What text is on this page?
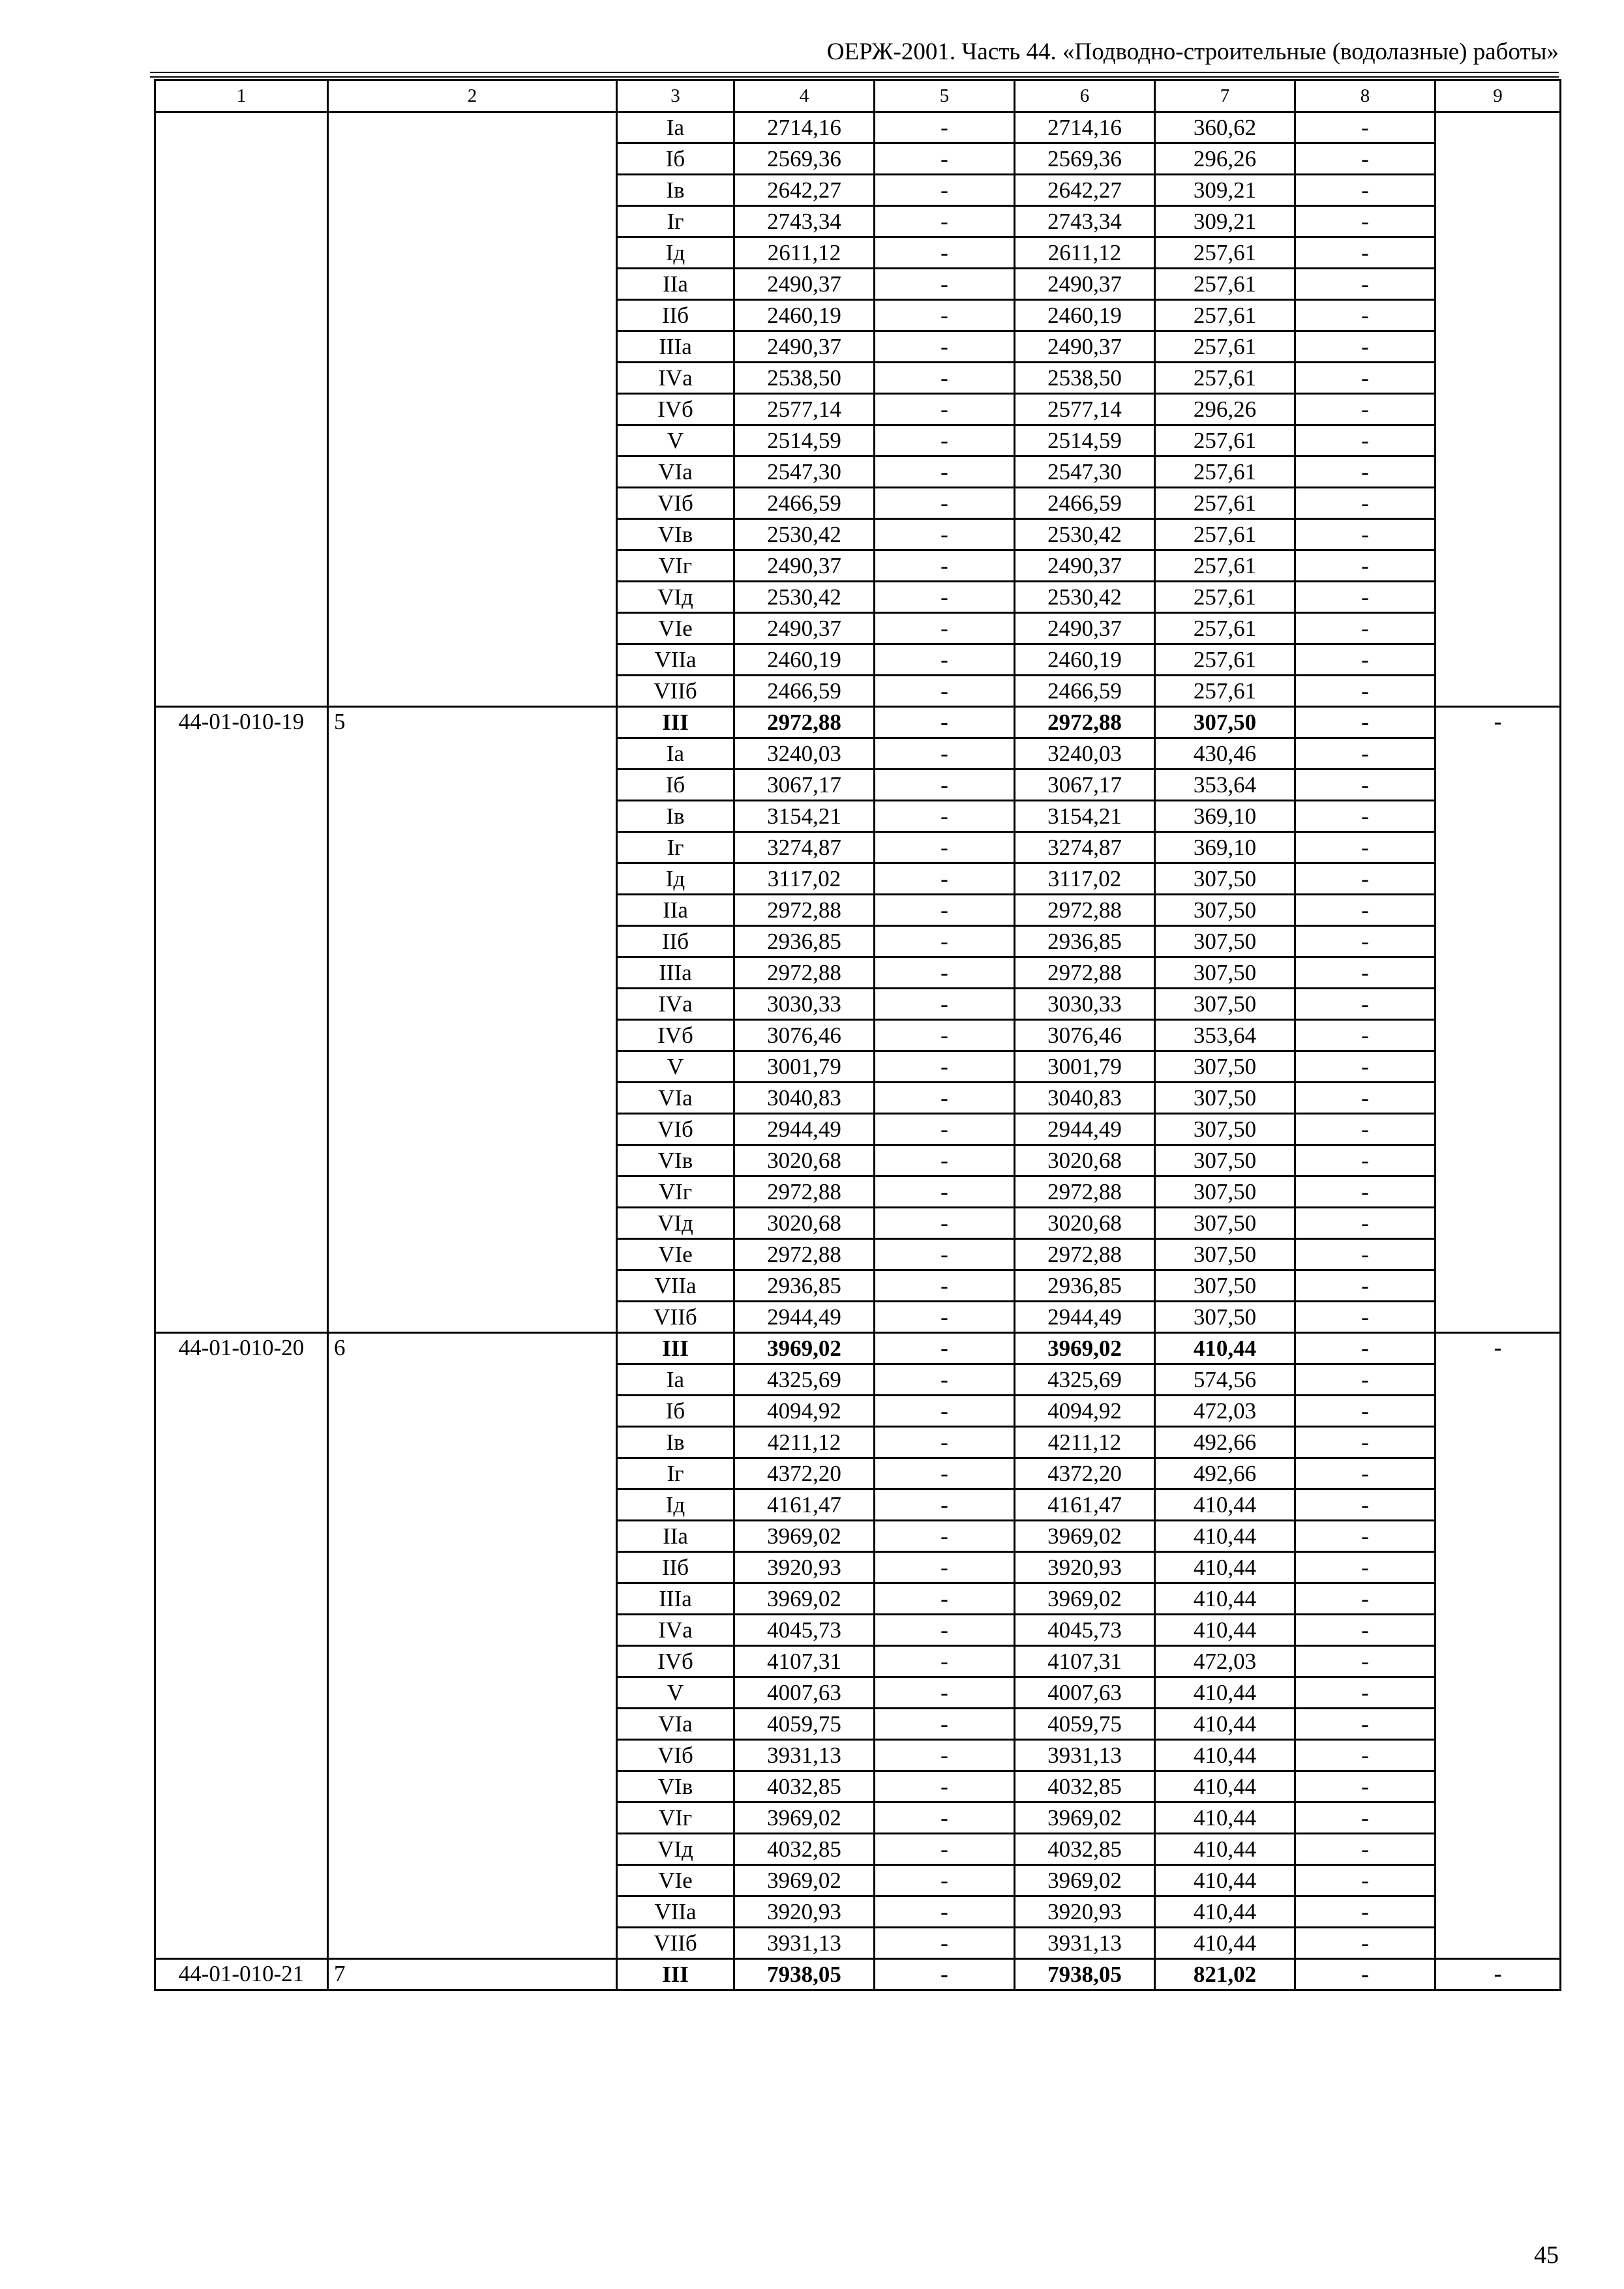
ОЕРЖ-2001. Часть 44. «Подводно-строительные (водолазные) работы»
1	2	3	4	5	6	7	8	9
		Iа	2714,16	-	2714,16	360,62	-	
		Iб	2569,36	-	2569,36	296,26	-	
		Iв	2642,27	-	2642,27	309,21	-	
		Iг	2743,34	-	2743,34	309,21	-	
		Iд	2611,12	-	2611,12	257,61	-	
		IIа	2490,37	-	2490,37	257,61	-	
		IIб	2460,19	-	2460,19	257,61	-	
		IIIа	2490,37	-	2490,37	257,61	-	
		IVа	2538,50	-	2538,50	257,61	-	
		IVб	2577,14	-	2577,14	296,26	-	
		V	2514,59	-	2514,59	257,61	-	
		VIа	2547,30	-	2547,30	257,61	-	
		VIб	2466,59	-	2466,59	257,61	-	
		VIв	2530,42	-	2530,42	257,61	-	
		VIг	2490,37	-	2490,37	257,61	-	
		VIд	2530,42	-	2530,42	257,61	-	
		VIе	2490,37	-	2490,37	257,61	-	
		VIIа	2460,19	-	2460,19	257,61	-	
		VIIб	2466,59	-	2466,59	257,61	-	
44-01-010-19	5	III	2972,88	-	2972,88	307,50	-	-
		Iа	3240,03	-	3240,03	430,46	-	
		Iб	3067,17	-	3067,17	353,64	-	
		Iв	3154,21	-	3154,21	369,10	-	
		Iг	3274,87	-	3274,87	369,10	-	
		Iд	3117,02	-	3117,02	307,50	-	
		IIа	2972,88	-	2972,88	307,50	-	
		IIб	2936,85	-	2936,85	307,50	-	
		IIIа	2972,88	-	2972,88	307,50	-	
		IVа	3030,33	-	3030,33	307,50	-	
		IVб	3076,46	-	3076,46	353,64	-	
		V	3001,79	-	3001,79	307,50	-	
		VIа	3040,83	-	3040,83	307,50	-	
		VIб	2944,49	-	2944,49	307,50	-	
		VIв	3020,68	-	3020,68	307,50	-	
		VIг	2972,88	-	2972,88	307,50	-	
		VIд	3020,68	-	3020,68	307,50	-	
		VIе	2972,88	-	2972,88	307,50	-	
		VIIа	2936,85	-	2936,85	307,50	-	
		VIIб	2944,49	-	2944,49	307,50	-	
44-01-010-20	6	III	3969,02	-	3969,02	410,44	-	-
		Iа	4325,69	-	4325,69	574,56	-	
		Iб	4094,92	-	4094,92	472,03	-	
		Iв	4211,12	-	4211,12	492,66	-	
		Iг	4372,20	-	4372,20	492,66	-	
		Iд	4161,47	-	4161,47	410,44	-	
		IIа	3969,02	-	3969,02	410,44	-	
		IIб	3920,93	-	3920,93	410,44	-	
		IIIа	3969,02	-	3969,02	410,44	-	
		IVа	4045,73	-	4045,73	410,44	-	
		IVб	4107,31	-	4107,31	472,03	-	
		V	4007,63	-	4007,63	410,44	-	
		VIа	4059,75	-	4059,75	410,44	-	
		VIб	3931,13	-	3931,13	410,44	-	
		VIв	4032,85	-	4032,85	410,44	-	
		VIг	3969,02	-	3969,02	410,44	-	
		VIд	4032,85	-	4032,85	410,44	-	
		VIе	3969,02	-	3969,02	410,44	-	
		VIIа	3920,93	-	3920,93	410,44	-	
		VIIб	3931,13	-	3931,13	410,44	-	
44-01-010-21	7	III	7938,05	-	7938,05	821,02	-	-
45
